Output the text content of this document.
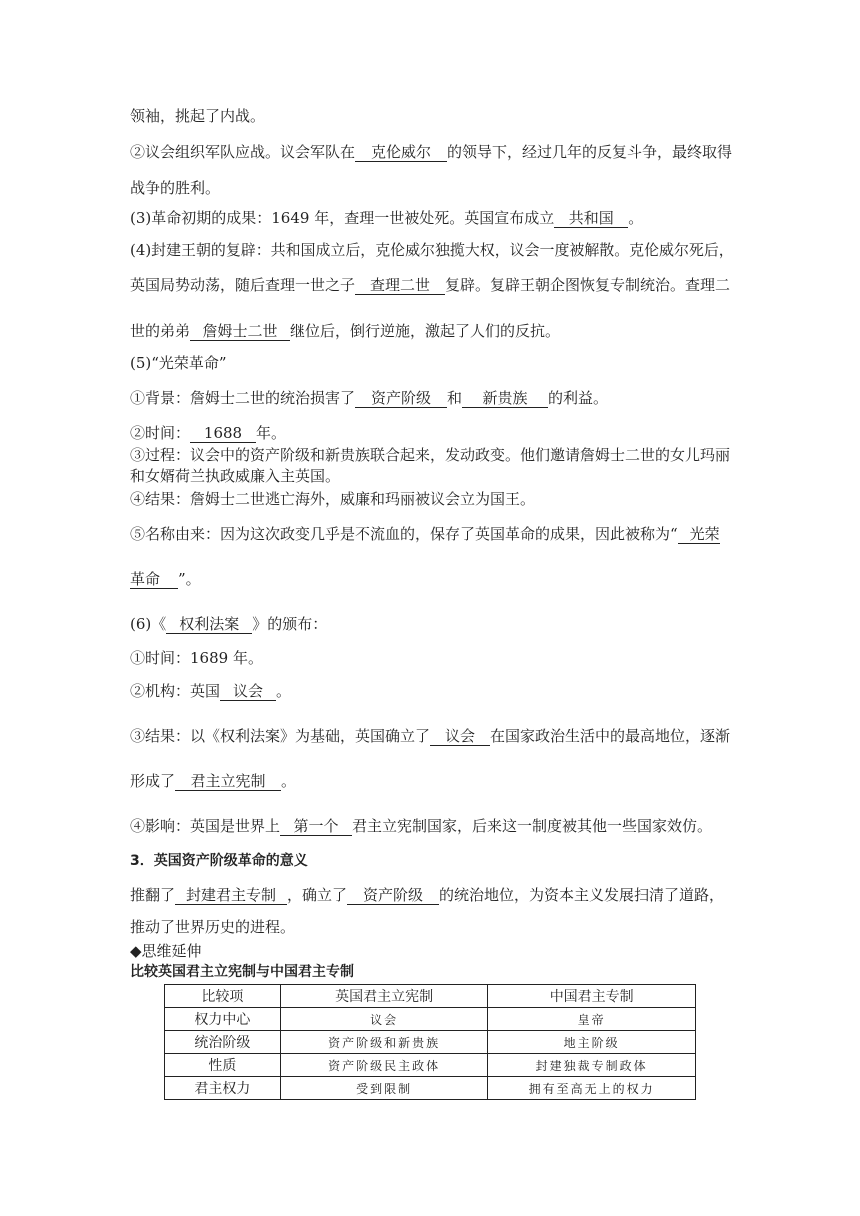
领袖，挑起了内战。
②议会组织军队应战。议会军队在 克伦威尔 的领导下，经过几年的反复斗争，最终取得
战争的胜利。
(3)革命初期的成果：1649 年，查理一世被处死。英国宣布成立 共和国 。
(4)封建王朝的复辟：共和国成立后，克伦威尔独揽大权，议会一度被解散。克伦威尔死后，
英国局势动荡，随后查理一世之子 查理二世 复辟。复辟王朝企图恢复专制统治。查理二
世的弟弟 詹姆士二世 继位后，倒行逆施，激起了人们的反抗。
(5)“光荣革命”
①背景：詹姆士二世的统治损害了 资产阶级 和 新贵族 的利益。
②时间： 1688 年。
③过程：议会中的资产阶级和新贵族联合起来，发动政变。他们邀请詹姆士二世的女儿玛丽
和女婿荷兰执政威廉入主英国。
④结果：詹姆士二世逃亡海外，威廉和玛丽被议会立为国王。
⑤名称由来：因为这次政变几乎是不流血的，保存了英国革命的成果，因此被称为“ 光荣
革命 ”。
(6)《 权利法案 》的颁布：
①时间：1689 年。
②机构：英国 议会 。
③结果：以《权利法案》为基础，英国确立了 议会 在国家政治生活中的最高地位，逐渐
形成了 君主立宪制 。
④影响：英国是世界上 第一个 君主立宪制国家，后来这一制度被其他一些国家效仿。
3．英国资产阶级革命的意义
推翻了 封建君主专制 ，确立了 资产阶级 的统治地位，为资本主义发展扫清了道路，
推动了世界历史的进程。
◆思维延伸
比较英国君主立宪制与中国君主专制
比较项	英国君主立宪制	中国君主专制
权力中心	议会	皇帝
统治阶级	资产阶级和新贵族	地主阶级
性质	资产阶级民主政体	封建独裁专制政体
君主权力	受到限制	拥有至高无上的权力
